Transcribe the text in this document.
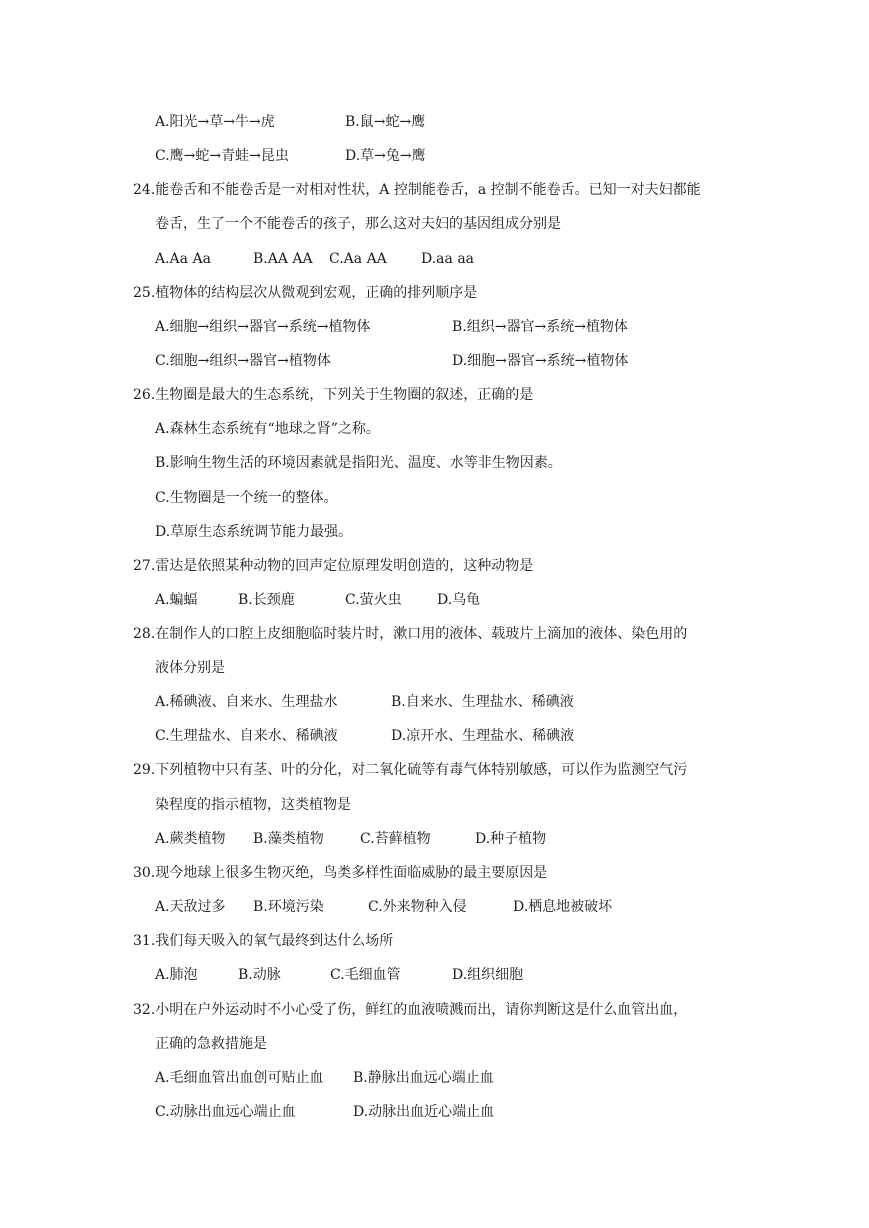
A.阳光→草→牛→虎	B.鼠→蛇→鹰
C.鹰→蛇→青蛙→昆虫	D.草→兔→鹰
24.能卷舌和不能卷舌是一对相对性状，A 控制能卷舌，a 控制不能卷舌。已知一对夫妇都能
卷舌，生了一个不能卷舌的孩子，那么这对夫妇的基因组成分别是
A.Aa Aa	B.AA AA C.Aa AA D.aa aa
25.植物体的结构层次从微观到宏观，正确的排列顺序是
A.细胞→组织→器官→系统→植物体	B.组织→器官→系统→植物体
C.细胞→组织→器官→植物体	D.细胞→器官→系统→植物体
26.生物圈是最大的生态系统，下列关于生物圈的叙述，正确的是
A.森林生态系统有“地球之肾”之称。
B.影响生物生活的环境因素就是指阳光、温度、水等非生物因素。
C.生物圈是一个统一的整体。
D.草原生态系统调节能力最强。
27.雷达是依照某种动物的回声定位原理发明创造的，这种动物是
A.蝙蝠	B.长颈鹿	C.萤火虫	D.乌龟
28.在制作人的口腔上皮细胞临时装片时，漱口用的液体、载玻片上滴加的液体、染色用的
液体分别是
A.稀碘液、自来水、生理盐水	B.自来水、生理盐水、稀碘液
C.生理盐水、自来水、稀碘液	D.凉开水、生理盐水、稀碘液
29.下列植物中只有茎、叶的分化，对二氧化硫等有毒气体特别敏感，可以作为监测空气污
染程度的指示植物，这类植物是
A.蕨类植物 B.藻类植物	C.苔藓植物	D.种子植物
30.现今地球上很多生物灭绝，鸟类多样性面临威胁的最主要原因是
A.天敌过多 B.环境污染	C.外来物种入侵	D.栖息地被破坏
31.我们每天吸入的氧气最终到达什么场所
A.肺泡	B.动脉	C.毛细血管	D.组织细胞
32.小明在户外运动时不小心受了伤，鲜红的血液喷溅而出，请你判断这是什么血管出血，
正确的急救措施是
A.毛细血管出血创可贴止血 B.静脉出血远心端止血
C.动脉出血远心端止血	D.动脉出血近心端止血
